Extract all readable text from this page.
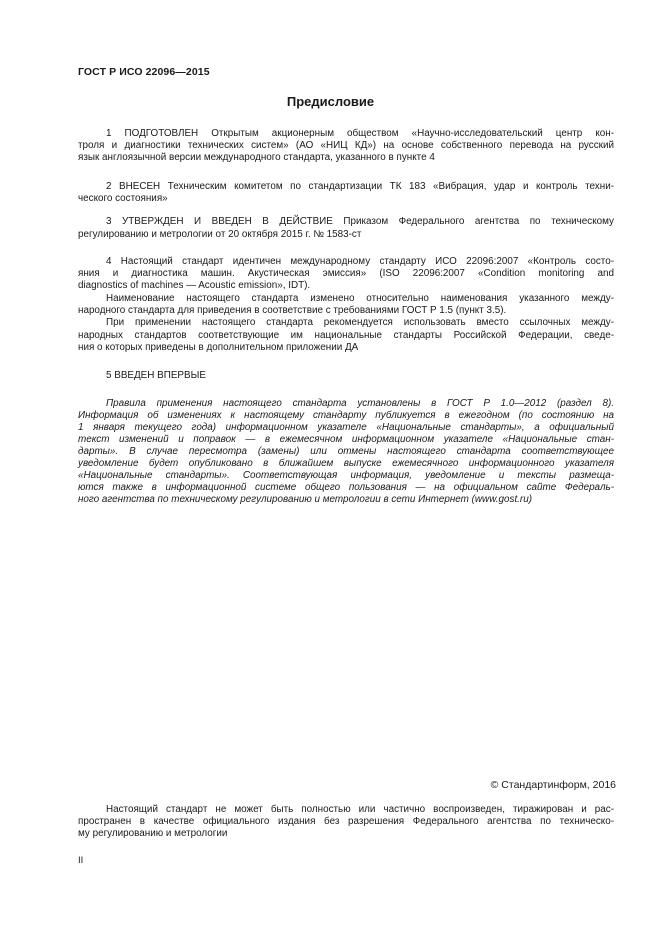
ГОСТ Р ИСО 22096—2015
Предисловие
1 ПОДГОТОВЛЕН Открытым акционерным обществом «Научно-исследовательский центр кон-
троля и диагностики технических систем» (АО «НИЦ КД») на основе собственного перевода на русский
язык англоязычной версии международного стандарта, указанного в пункте 4
2 ВНЕСЕН Техническим комитетом по стандартизации ТК 183 «Вибрация, удар и контроль техни-
ческого состояния»
3 УТВЕРЖДЕН И ВВЕДЕН В ДЕЙСТВИЕ Приказом Федерального агентства по техническому
регулированию и метрологии от 20 октября 2015 г. № 1583-ст
4 Настоящий стандарт идентичен международному стандарту ИСО 22096:2007 «Контроль состо-
яния и диагностика машин. Акустическая эмиссия» (ISO 22096:2007 «Condition monitoring and
diagnostics of machines — Acoustic emission», IDT).
Наименование настоящего стандарта изменено относительно наименования указанного между-
народного стандарта для приведения в соответствие с требованиями ГОСТ Р 1.5 (пункт 3.5).
При применении настоящего стандарта рекомендуется использовать вместо ссылочных между-
народных стандартов соответствующие им национальные стандарты Российской Федерации, сведе-
ния о которых приведены в дополнительном приложении ДА
5 ВВЕДЕН ВПЕРВЫЕ
Правила применения настоящего стандарта установлены в ГОСТ Р 1.0—2012 (раздел 8).
Информация об изменениях к настоящему стандарту публикуется в ежегодном (по состоянию на
1 января текущего года) информационном указателе «Национальные стандарты», а официальный
текст изменений и поправок — в ежемесячном информационном указателе «Национальные стан-
дарты». В случае пересмотра (замены) или отмены настоящего стандарта соответствующее
уведомление будет опубликовано в ближайшем выпуске ежемесячного информационного указателя
«Национальные стандарты». Соответствующая информация, уведомление и тексты размеща-
ются также в информационной системе общего пользования — на официальном сайте Федераль-
ного агентства по техническому регулированию и метрологии в сети Интернет (www.gost.ru)
Настоящий стандарт не может быть полностью или частично воспроизведен, тиражирован и рас-
пространен в качестве официального издания без разрешения Федерального агентства по техническо-
му регулированию и метрологии
© Стандартинформ, 2016
II
